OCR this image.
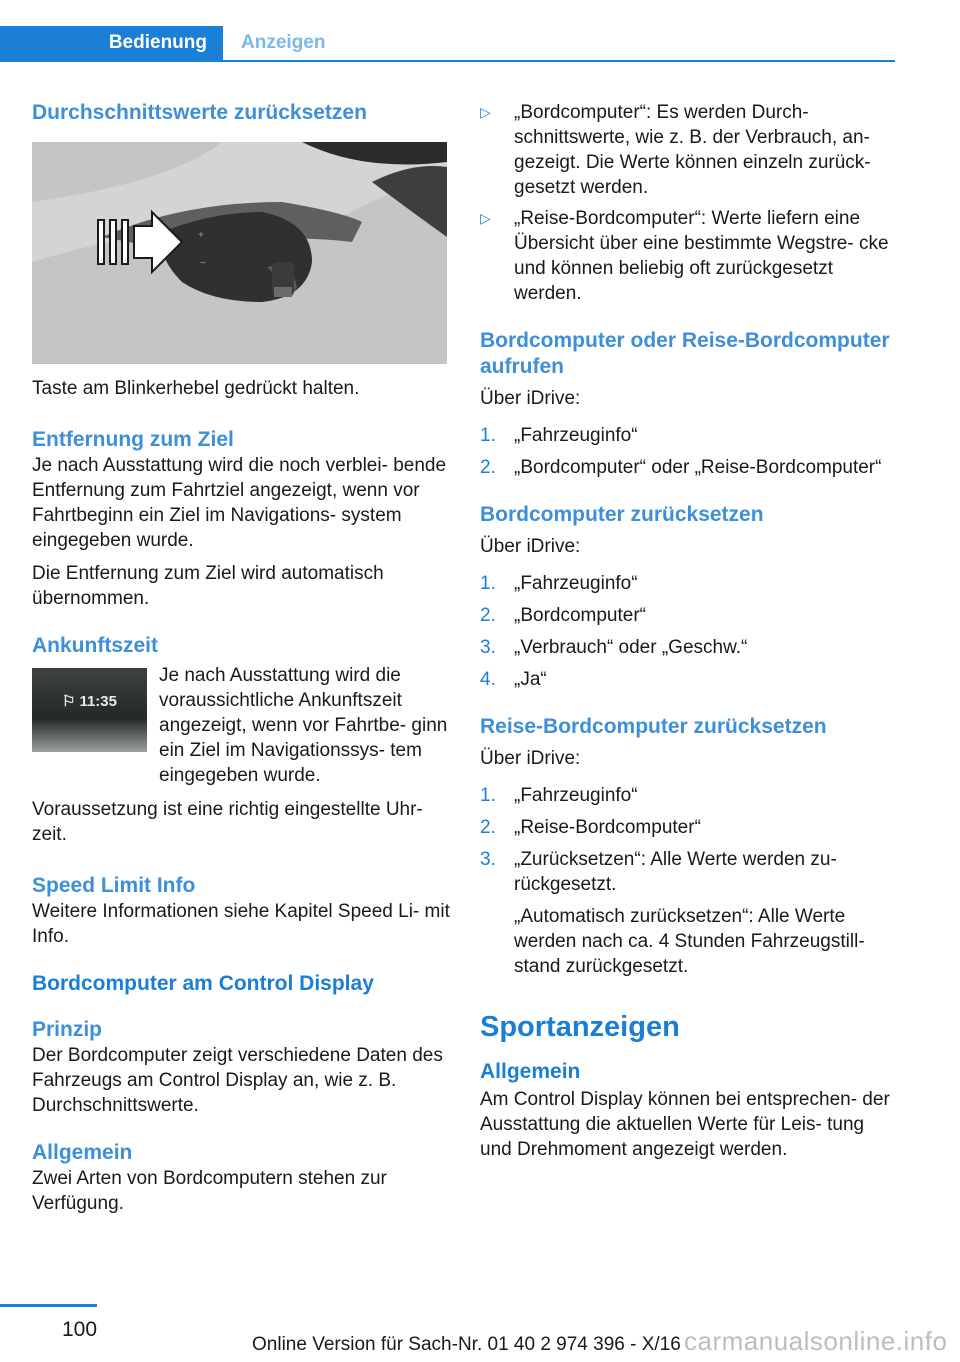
Bedienung	Anzeigen
Durchschnittswerte zurücksetzen
+
−

Taste am Blinkerhebel gedrückt halten.

Entfernung zum Ziel

Je nach Ausstattung wird die noch verblei‐ bende Entfernung zum Fahrtziel angezeigt, wenn vor Fahrtbeginn ein Ziel im Navigations‐ system eingegeben wurde.

Die Entfernung zum Ziel wird automatisch übernommen.

Ankunftszeit
⚐ 11:35

Je nach Ausstattung wird die voraussichtliche Ankunftszeit angezeigt, wenn vor Fahrtbe‐ ginn ein Ziel im Navigationssys‐ tem eingegeben wurde.

Voraussetzung ist eine richtig eingestellte Uhr‐ zeit.

Speed Limit Info

Weitere Informationen siehe Kapitel Speed Li‐ mit Info.

Bordcomputer am Control Display
Prinzip

Der Bordcomputer zeigt verschiedene Daten des Fahrzeugs am Control Display an, wie z. B. Durchschnittswerte.

Allgemein

Zwei Arten von Bordcomputern stehen zur Verfügung.

▷ „Bordcomputer“: Es werden Durch‐ schnittswerte, wie z. B. der Verbrauch, an‐ gezeigt. Die Werte können einzeln zurück‐ gesetzt werden.
▷ „Reise-Bordcomputer“: Werte liefern eine Übersicht über eine bestimmte Wegstre‐ cke und können beliebig oft zurückgesetzt werden.
Bordcomputer oder Reise-Bordcomputer aufrufen

Über iDrive:

1. „Fahrzeuginfo“
2. „Bordcomputer“ oder „Reise-Bordcomputer“
Bordcomputer zurücksetzen

Über iDrive:

1. „Fahrzeuginfo“
2. „Bordcomputer“
3. „Verbrauch“ oder „Geschw.“
4. „Ja“
Reise-Bordcomputer zurücksetzen

Über iDrive:

1. „Fahrzeuginfo“
2. „Reise-Bordcomputer“
3. „Zurücksetzen“: Alle Werte werden zu‐ rückgesetzt.

„Automatisch zurücksetzen“: Alle Werte werden nach ca. 4 Stunden Fahrzeugstill‐ stand zurückgesetzt.

Sportanzeigen
Allgemein

Am Control Display können bei entsprechen‐ der Ausstattung die aktuellen Werte für Leis‐ tung und Drehmoment angezeigt werden.

100
Online Version für Sach-Nr. 01 40 2 974 396 - X/16 carmanualsonline.info
